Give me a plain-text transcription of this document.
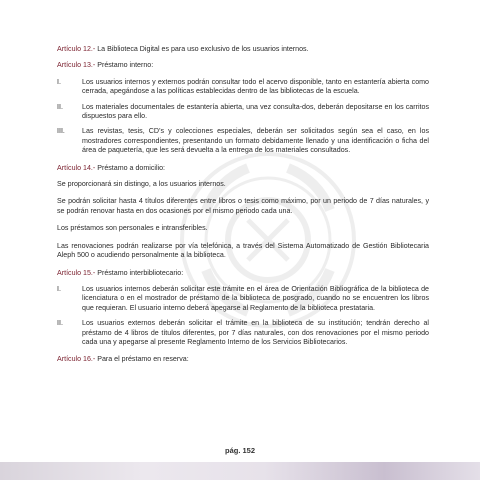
Artículo 12.- La Biblioteca Digital es para uso exclusivo de los usuarios internos.

Artículo 13.- Préstamo interno:

I.	Los usuarios internos y externos podrán consultar todo el acervo disponible, tanto en estantería abierta como cerrada, apegándose a las políticas establecidas dentro de las bibliotecas de la escuela.
II.	Los materiales documentales de estantería abierta, una vez consulta-dos, deberán depositarse en los carritos dispuestos para ello.
III.	Las revistas, tesis, CD’s y colecciones especiales, deberán ser solicitados según sea el caso, en los mostradores correspondientes, presentando un formato debidamente llenado y una identificación o ficha del área de paquetería, que les será devuelta a la entrega de los materiales consultados.

Artículo 14.- Préstamo a domicilio:

Se proporcionará sin distingo, a los usuarios internos.

Se podrán solicitar hasta 4 títulos diferentes entre libros o tesis como máximo, por un periodo de 7 días naturales, y se podrán renovar hasta en dos ocasiones por el mismo periodo cada una.

Los préstamos son personales e intransferibles.

Las renovaciones podrán realizarse por vía telefónica, a través del Sistema Automatizado de Gestión Bibliotecaria Aleph 500 o acudiendo personalmente a la biblioteca.

Artículo 15.- Préstamo interbibliotecario:

I.	Los usuarios internos deberán solicitar este trámite en el área de Orientación Bibliográfica de la biblioteca de licenciatura o en el mostrador de préstamo de la biblioteca de posgrado, cuando no se encuentren los libros que requieran. El usuario interno deberá apegarse al Reglamento de la biblioteca prestataria.
II.	Los usuarios externos deberán solicitar el trámite en la biblioteca de su institución; tendrán derecho al préstamo de 4 libros de títulos diferentes, por 7 días naturales, con dos renovaciones por el mismo periodo cada una y apegarse al presente Reglamento Interno de los Servicios Bibliotecarios.

Artículo 16.- Para el préstamo en reserva:

pág. 152
